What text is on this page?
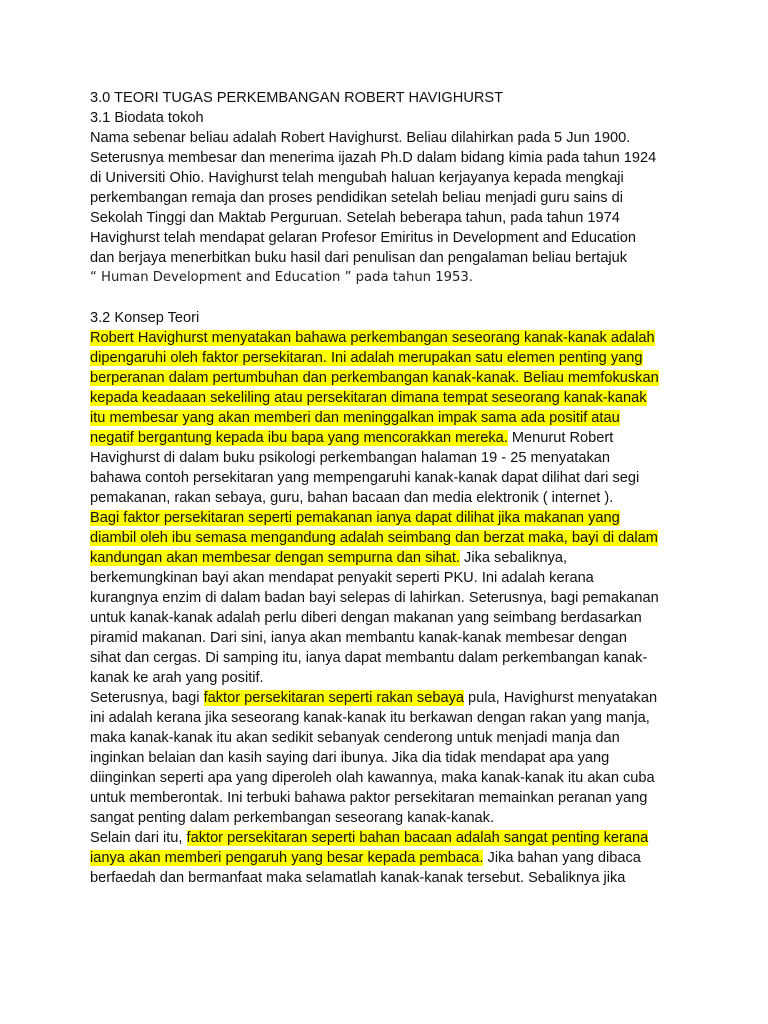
3.0 TEORI TUGAS PERKEMBANGAN ROBERT HAVIGHURST
3.1 Biodata tokoh
Nama sebenar beliau adalah Robert Havighurst. Beliau dilahirkan pada 5 Jun 1900.
Seterusnya membesar dan menerima ijazah Ph.D dalam bidang kimia pada tahun 1924
di Universiti Ohio. Havighurst telah mengubah haluan kerjayanya kepada mengkaji
perkembangan remaja dan proses pendidikan setelah beliau menjadi guru sains di
Sekolah Tinggi dan Maktab Perguruan. Setelah beberapa tahun, pada tahun 1974
Havighurst telah mendapat gelaran Profesor Emiritus in Development and Education
dan berjaya menerbitkan buku hasil dari penulisan dan pengalaman beliau bertajuk
“ Human Development and Education ” pada tahun 1953.
3.2 Konsep Teori
Robert Havighurst menyatakan bahawa perkembangan seseorang kanak-kanak adalah
dipengaruhi oleh faktor persekitaran. Ini adalah merupakan satu elemen penting yang
berperanan dalam pertumbuhan dan perkembangan kanak-kanak. Beliau memfokuskan
kepada keadaaan sekeliling atau persekitaran dimana tempat seseorang kanak-kanak
itu membesar yang akan memberi dan meninggalkan impak sama ada positif atau
negatif bergantung kepada ibu bapa yang mencorakkan mereka. Menurut Robert
Havighurst di dalam buku psikologi perkembangan halaman 19 - 25 menyatakan
bahawa contoh persekitaran yang mempengaruhi kanak-kanak dapat dilihat dari segi
pemakanan, rakan sebaya, guru, bahan bacaan dan media elektronik ( internet ).
Bagi faktor persekitaran seperti pemakanan ianya dapat dilihat jika makanan yang
diambil oleh ibu semasa mengandung adalah seimbang dan berzat maka, bayi di dalam
kandungan akan membesar dengan sempurna dan sihat. Jika sebaliknya,
berkemungkinan bayi akan mendapat penyakit seperti PKU. Ini adalah kerana
kurangnya enzim di dalam badan bayi selepas di lahirkan. Seterusnya, bagi pemakanan
untuk kanak-kanak adalah perlu diberi dengan makanan yang seimbang berdasarkan
piramid makanan. Dari sini, ianya akan membantu kanak-kanak membesar dengan
sihat dan cergas. Di samping itu, ianya dapat membantu dalam perkembangan kanak-
kanak ke arah yang positif.
Seterusnya, bagi faktor persekitaran seperti rakan sebaya pula, Havighurst menyatakan
ini adalah kerana jika seseorang kanak-kanak itu berkawan dengan rakan yang manja,
maka kanak-kanak itu akan sedikit sebanyak cenderong untuk menjadi manja dan
inginkan belaian dan kasih saying dari ibunya. Jika dia tidak mendapat apa yang
diinginkan seperti apa yang diperoleh olah kawannya, maka kanak-kanak itu akan cuba
untuk memberontak. Ini terbuki bahawa paktor persekitaran memainkan peranan yang
sangat penting dalam perkembangan seseorang kanak-kanak.
Selain dari itu, faktor persekitaran seperti bahan bacaan adalah sangat penting kerana
ianya akan memberi pengaruh yang besar kepada pembaca. Jika bahan yang dibaca
berfaedah dan bermanfaat maka selamatlah kanak-kanak tersebut. Sebaliknya jika
